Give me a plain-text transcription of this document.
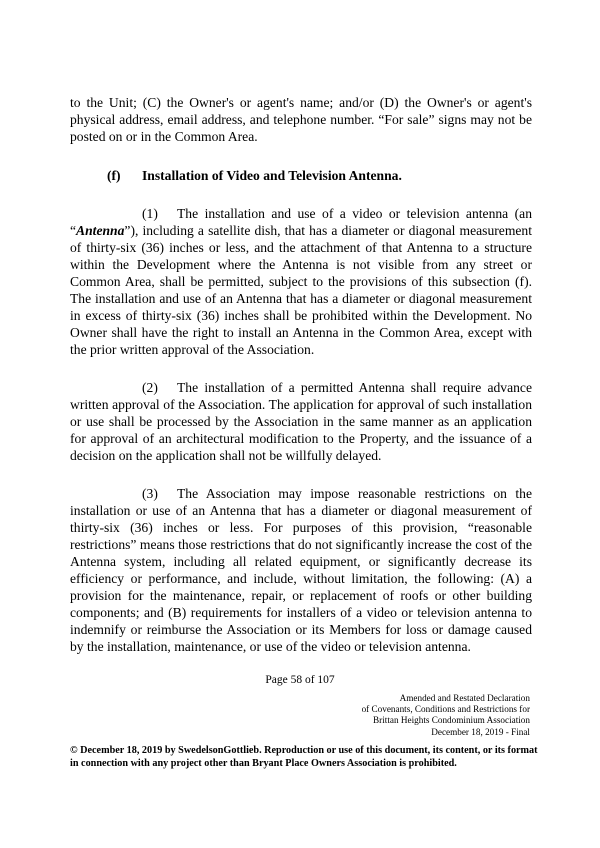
to the Unit; (C) the Owner's or agent's name; and/or (D) the Owner's or agent's physical address, email address, and telephone number. “For sale” signs may not be posted on or in the Common Area.

(f) Installation of Video and Television Antenna.

(1) The installation and use of a video or television antenna (an “Antenna”), including a satellite dish, that has a diameter or diagonal measurement of thirty-six (36) inches or less, and the attachment of that Antenna to a structure within the Development where the Antenna is not visible from any street or Common Area, shall be permitted, subject to the provisions of this subsection (f). The installation and use of an Antenna that has a diameter or diagonal measurement in excess of thirty-six (36) inches shall be prohibited within the Development. No Owner shall have the right to install an Antenna in the Common Area, except with the prior written approval of the Association.

(2) The installation of a permitted Antenna shall require advance written approval of the Association. The application for approval of such installation or use shall be processed by the Association in the same manner as an application for approval of an architectural modification to the Property, and the issuance of a decision on the application shall not be willfully delayed.

(3) The Association may impose reasonable restrictions on the installation or use of an Antenna that has a diameter or diagonal measurement of thirty-six (36) inches or less. For purposes of this provision, “reasonable restrictions” means those restrictions that do not significantly increase the cost of the Antenna system, including all related equipment, or significantly decrease its efficiency or performance, and include, without limitation, the following: (A) a provision for the maintenance, repair, or replacement of roofs or other building components; and (B) requirements for installers of a video or television antenna to indemnify or reimburse the Association or its Members for loss or damage caused by the installation, maintenance, or use of the video or television antenna.

Page 58 of 107
Amended and Restated Declaration
of Covenants, Conditions and Restrictions for
Brittan Heights Condominium Association
December 18, 2019 - Final
© December 18, 2019 by SwedelsonGottlieb. Reproduction or use of this document, its content, or its format in connection with any project other than Bryant Place Owners Association is prohibited.
